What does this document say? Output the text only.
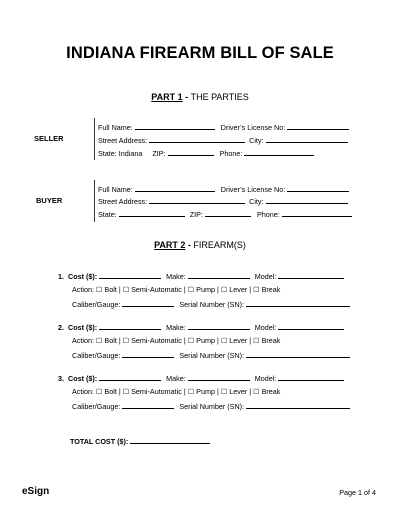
INDIANA FIREARM BILL OF SALE
PART 1 - THE PARTIES
SELLER
Full Name:	Driver’s License No:
Street Address:	City:
State: Indiana ZIP:	Phone:
BUYER
Full Name:	Driver’s License No:
Street Address:	City:
State:	ZIP:	Phone:
PART 2 - FIREARM(S)
1. Cost ($):	Make:	Model:
Action: ☐ Bolt | ☐ Semi-Automatic | ☐ Pump | ☐ Lever | ☐ Break
Caliber/Gauge:	Serial Number (SN):
2. Cost ($):	Make:	Model:
Action: ☐ Bolt | ☐ Semi-Automatic | ☐ Pump | ☐ Lever | ☐ Break
Caliber/Gauge:	Serial Number (SN):
3. Cost ($):	Make:	Model:
Action: ☐ Bolt | ☐ Semi-Automatic | ☐ Pump | ☐ Lever | ☐ Break
Caliber/Gauge:	Serial Number (SN):
TOTAL COST ($):
eSign	Page 1 of 4
